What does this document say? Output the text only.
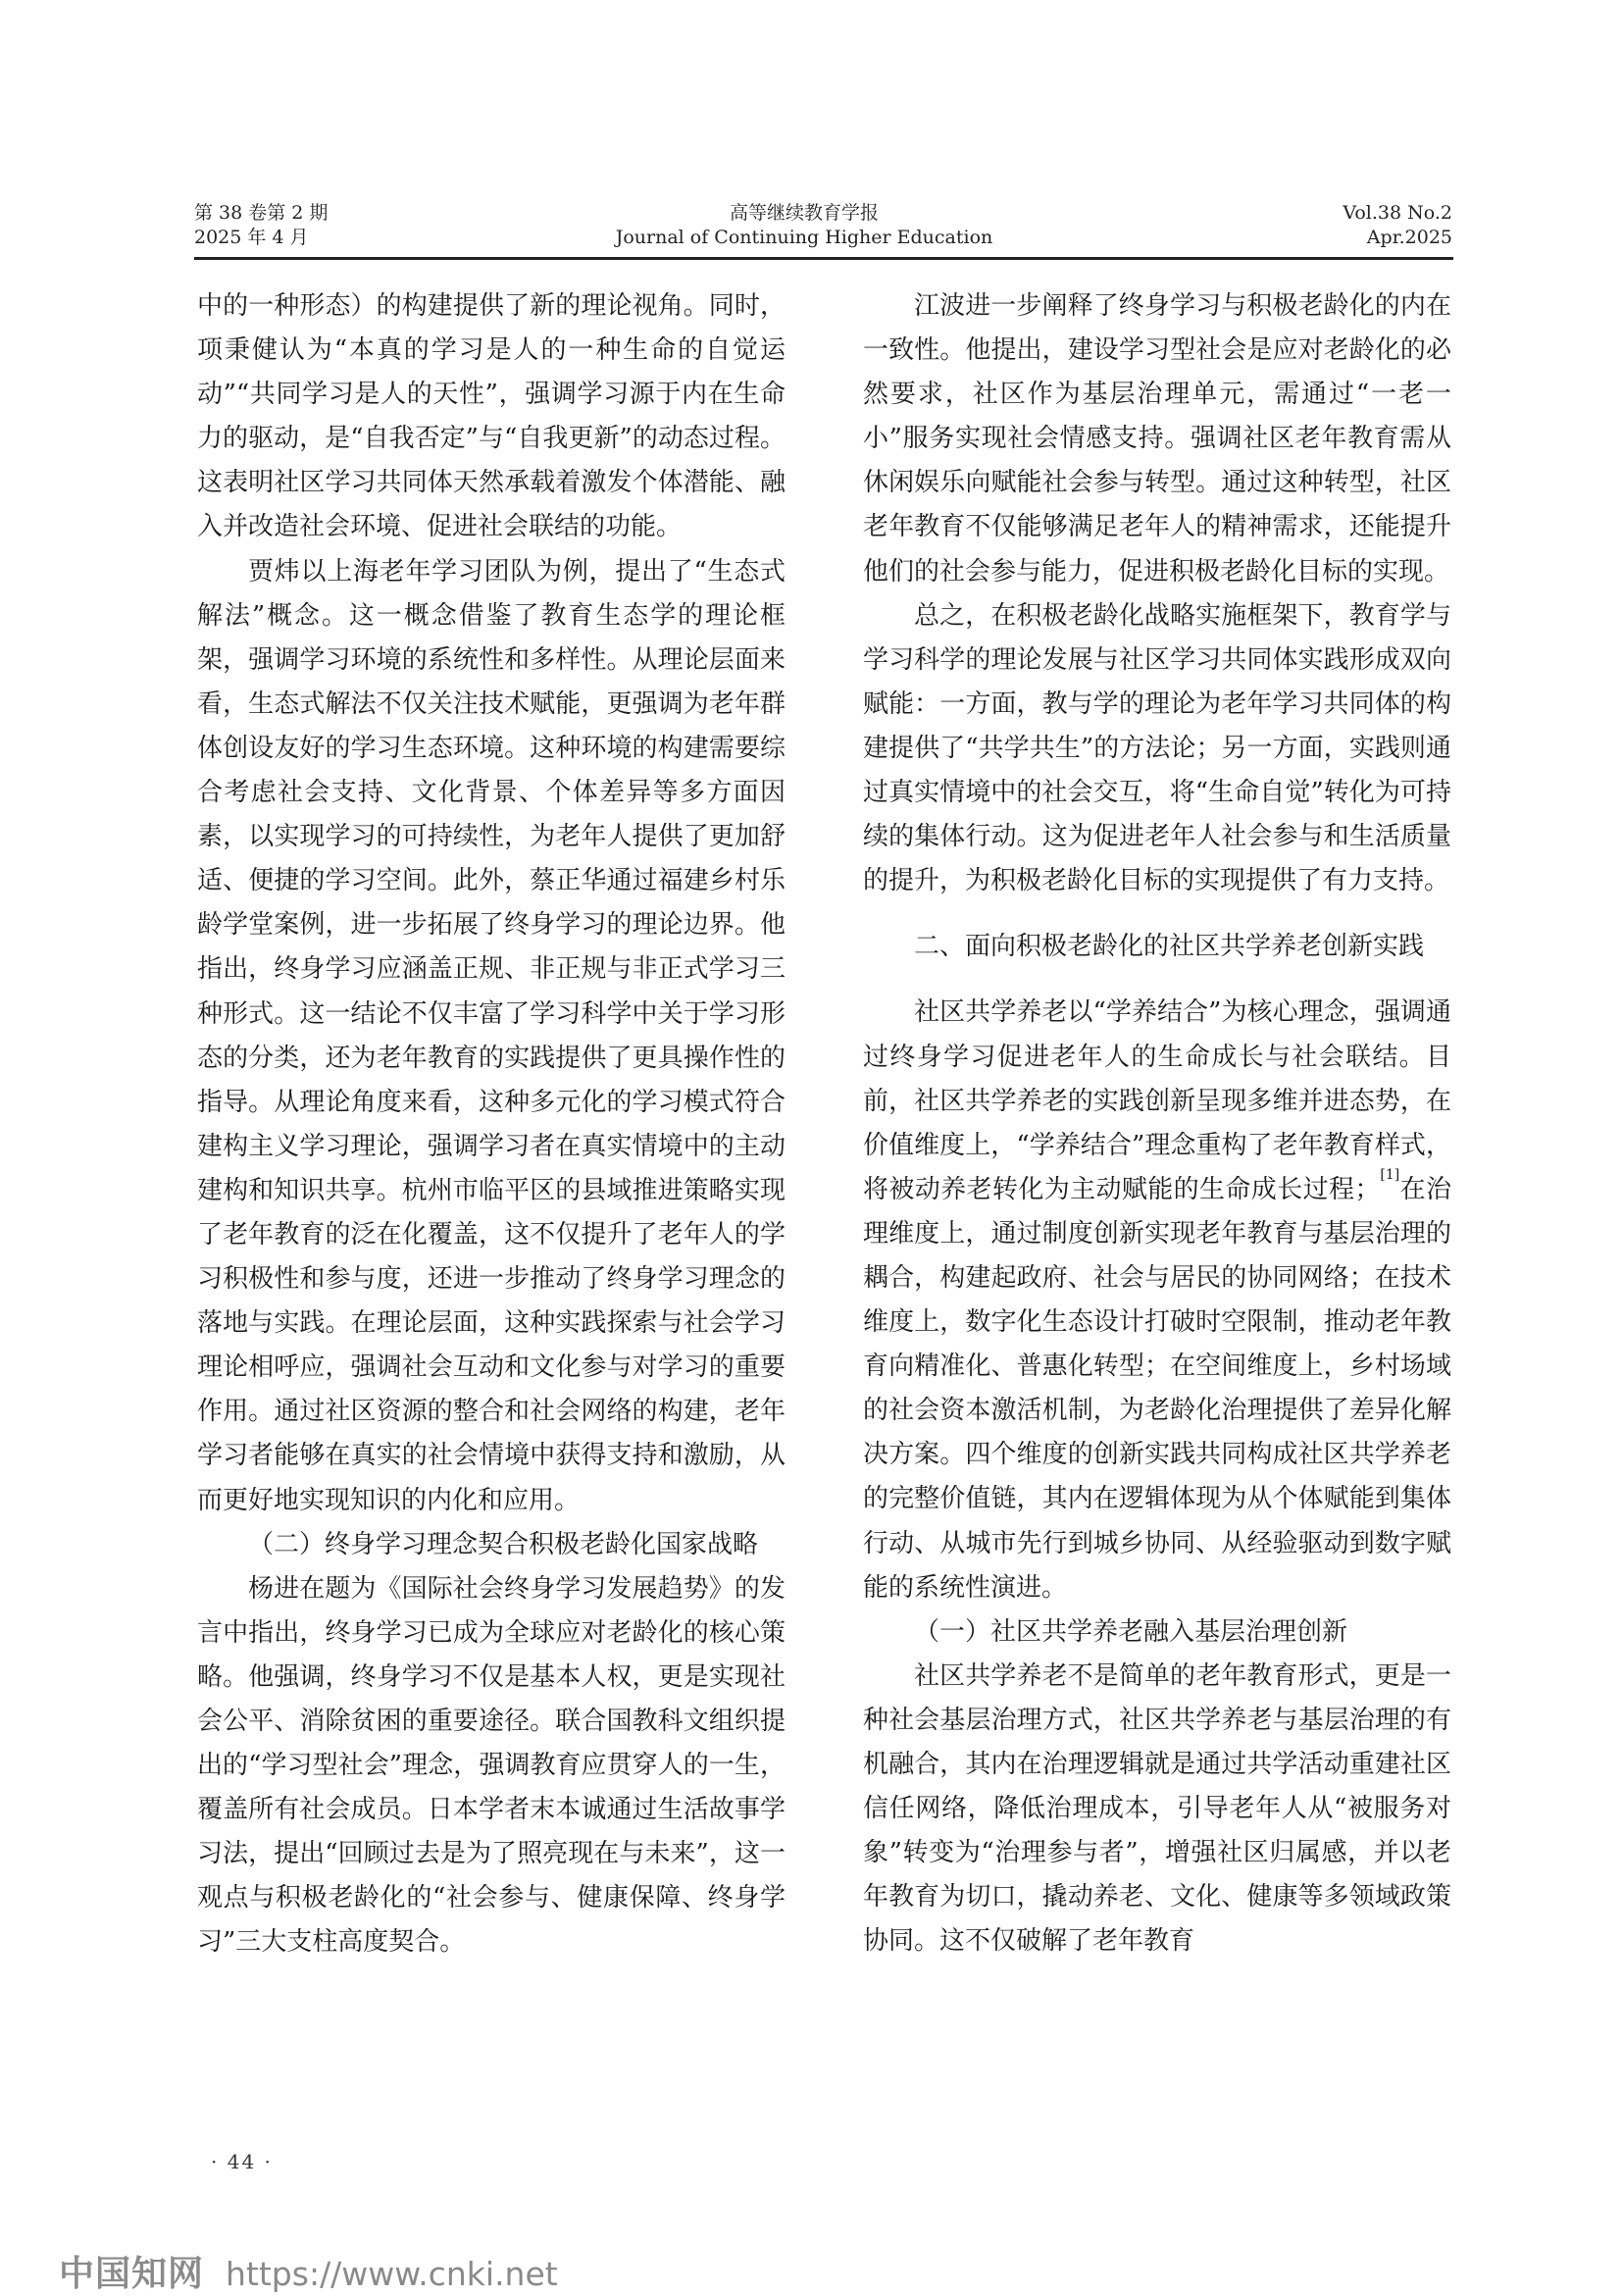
第 38 卷第 2 期
2025 年 4 月
高等继续教育学报
Journal of Continuing Higher Education
Vol.38 No.2
Apr.2025

中的一种形态）的构建提供了新的理论视角。同时，项秉健认为“本真的学习是人的一种生命的自觉运动”“共同学习是人的天性”，强调学习源于内在生命力的驱动，是“自我否定”与“自我更新”的动态过程。这表明社区学习共同体天然承载着激发个体潜能、融入并改造社会环境、促进社会联结的功能。

贾炜以上海老年学习团队为例，提出了“生态式解法”概念。这一概念借鉴了教育生态学的理论框架，强调学习环境的系统性和多样性。从理论层面来看，生态式解法不仅关注技术赋能，更强调为老年群体创设友好的学习生态环境。这种环境的构建需要综合考虑社会支持、文化背景、个体差异等多方面因素，以实现学习的可持续性，为老年人提供了更加舒适、便捷的学习空间。此外，蔡正华通过福建乡村乐龄学堂案例，进一步拓展了终身学习的理论边界。他指出，终身学习应涵盖正规、非正规与非正式学习三种形式。这一结论不仅丰富了学习科学中关于学习形态的分类，还为老年教育的实践提供了更具操作性的指导。从理论角度来看，这种多元化的学习模式符合建构主义学习理论，强调学习者在真实情境中的主动建构和知识共享。杭州市临平区的县域推进策略实现了老年教育的泛在化覆盖，这不仅提升了老年人的学习积极性和参与度，还进一步推动了终身学习理念的落地与实践。在理论层面，这种实践探索与社会学习理论相呼应，强调社会互动和文化参与对学习的重要作用。通过社区资源的整合和社会网络的构建，老年学习者能够在真实的社会情境中获得支持和激励，从而更好地实现知识的内化和应用。

（二）终身学习理念契合积极老龄化国家战略

杨进在题为《国际社会终身学习发展趋势》的发言中指出，终身学习已成为全球应对老龄化的核心策略。他强调，终身学习不仅是基本人权，更是实现社会公平、消除贫困的重要途径。联合国教科文组织提出的“学习型社会”理念，强调教育应贯穿人的一生，覆盖所有社会成员。日本学者末本诚通过生活故事学习法，提出“回顾过去是为了照亮现在与未来”，这一观点与积极老龄化的“社会参与、健康保障、终身学习”三大支柱高度契合。

江波进一步阐释了终身学习与积极老龄化的内在一致性。他提出，建设学习型社会是应对老龄化的必然要求，社区作为基层治理单元，需通过“一老一小”服务实现社会情感支持。强调社区老年教育需从休闲娱乐向赋能社会参与转型。通过这种转型，社区老年教育不仅能够满足老年人的精神需求，还能提升他们的社会参与能力，促进积极老龄化目标的实现。

总之，在积极老龄化战略实施框架下，教育学与学习科学的理论发展与社区学习共同体实践形成双向赋能：一方面，教与学的理论为老年学习共同体的构建提供了“共学共生”的方法论；另一方面，实践则通过真实情境中的社会交互，将“生命自觉”转化为可持续的集体行动。这为促进老年人社会参与和生活质量的提升，为积极老龄化目标的实现提供了有力支持。

二、面向积极老龄化的社区共学养老创新实践

社区共学养老以“学养结合”为核心理念，强调通过终身学习促进老年人的生命成长与社会联结。目前，社区共学养老的实践创新呈现多维并进态势，在价值维度上，“学养结合”理念重构了老年教育样式，将被动养老转化为主动赋能的生命成长过程；[1]在治理维度上，通过制度创新实现老年教育与基层治理的耦合，构建起政府、社会与居民的协同网络；在技术维度上，数字化生态设计打破时空限制，推动老年教育向精准化、普惠化转型；在空间维度上，乡村场域的社会资本激活机制，为老龄化治理提供了差异化解决方案。四个维度的创新实践共同构成社区共学养老的完整价值链，其内在逻辑体现为从个体赋能到集体行动、从城市先行到城乡协同、从经验驱动到数字赋能的系统性演进。

（一）社区共学养老融入基层治理创新

社区共学养老不是简单的老年教育形式，更是一种社会基层治理方式，社区共学养老与基层治理的有机融合，其内在治理逻辑就是通过共学活动重建社区信任网络，降低治理成本，引导老年人从“被服务对象”转变为“治理参与者”，增强社区归属感，并以老年教育为切口，撬动养老、文化、健康等多领域政策协同。这不仅破解了老年教育

· 44 ·
中国知网 https://www.cnki.net
